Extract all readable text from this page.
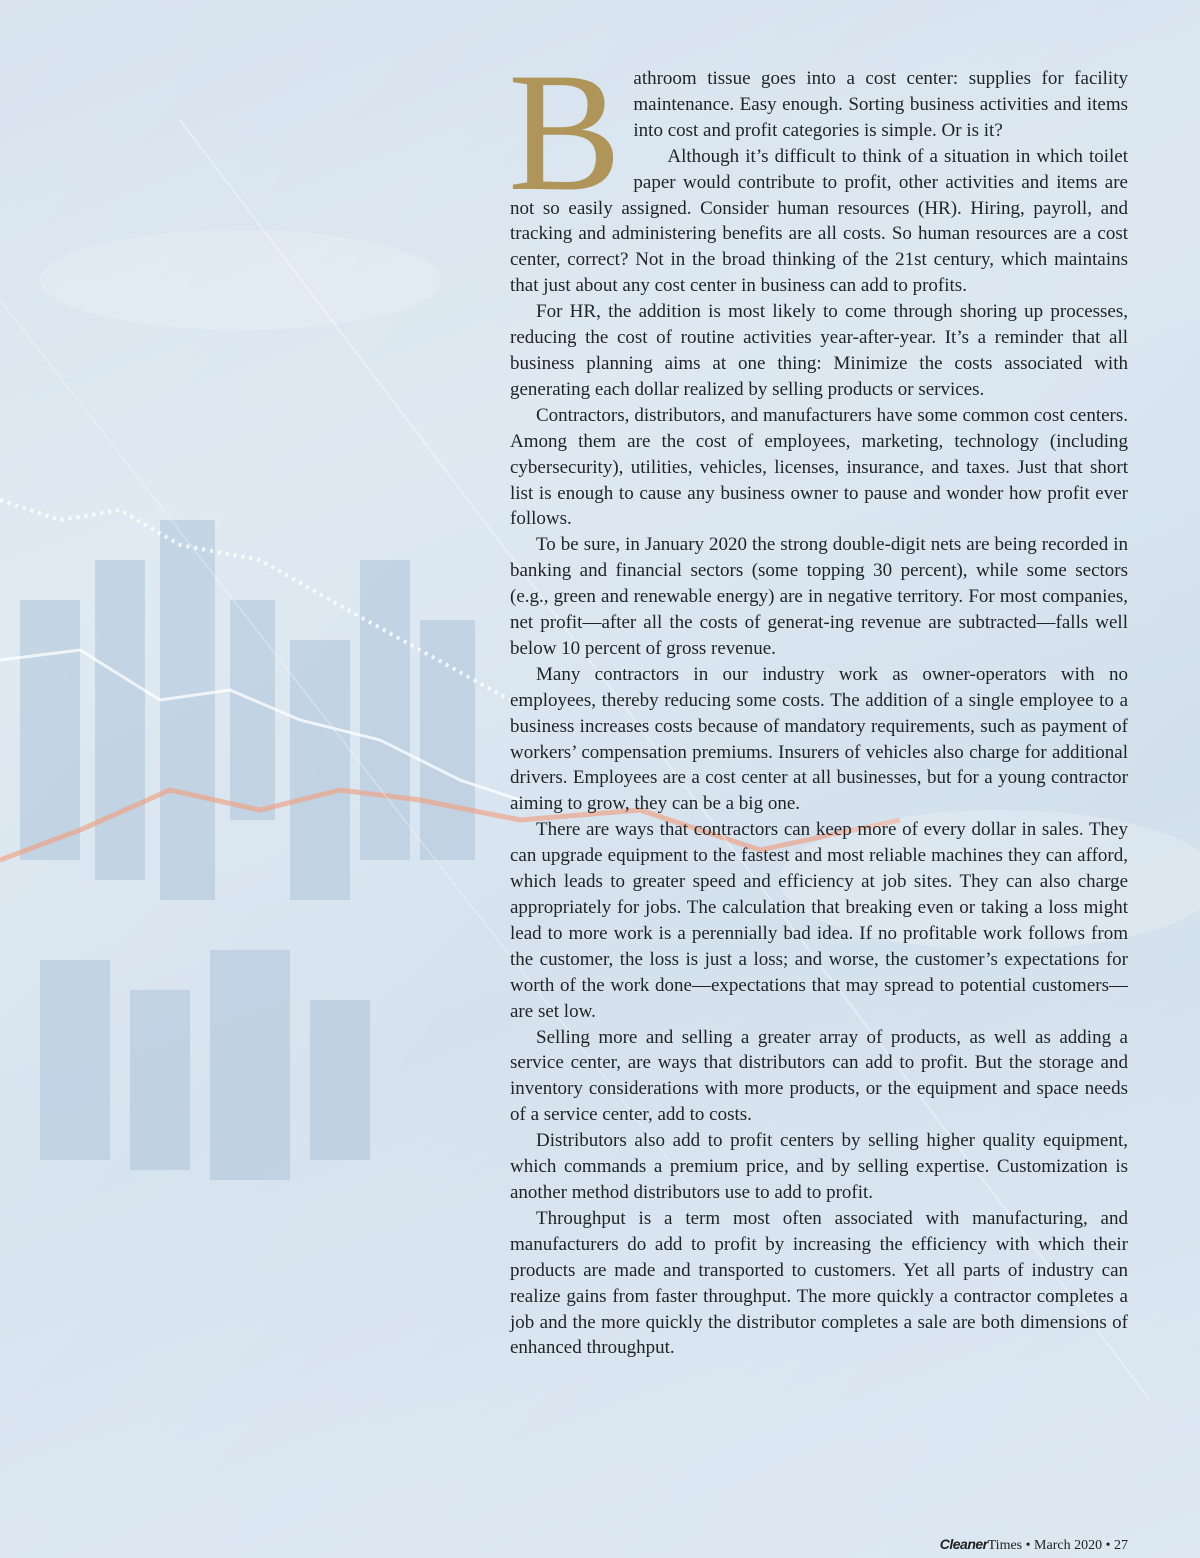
Bathroom tissue goes into a cost center: supplies for facility maintenance. Easy enough. Sorting business activities and items into cost and profit categories is simple. Or is it?

Although it’s difficult to think of a situation in which toilet paper would contribute to profit, other activities and items are not so easily assigned. Consider human resources (HR). Hiring, payroll, and tracking and administering benefits are all costs. So human resources are a cost center, correct? Not in the broad thinking of the 21st century, which maintains that just about any cost center in business can add to profits.

For HR, the addition is most likely to come through shoring up processes, reducing the cost of routine activities year-after-year. It’s a reminder that all business planning aims at one thing: Minimize the costs associated with generating each dollar realized by selling products or services.

Contractors, distributors, and manufacturers have some common cost centers. Among them are the cost of employees, marketing, technology (including cybersecurity), utilities, vehicles, licenses, insurance, and taxes. Just that short list is enough to cause any business owner to pause and wonder how profit ever follows.

To be sure, in January 2020 the strong double-digit nets are being recorded in banking and financial sectors (some topping 30 percent), while some sectors (e.g., green and renewable energy) are in negative territory. For most companies, net profit—after all the costs of generat-ing revenue are subtracted—falls well below 10 percent of gross revenue.

Many contractors in our industry work as owner-operators with no employees, thereby reducing some costs. The addition of a single employee to a business increases costs because of mandatory requirements, such as payment of workers’ compensation premiums. Insurers of vehicles also charge for additional drivers. Employees are a cost center at all businesses, but for a young contractor aiming to grow, they can be a big one.

There are ways that contractors can keep more of every dollar in sales. They can upgrade equipment to the fastest and most reliable machines they can afford, which leads to greater speed and efficiency at job sites. They can also charge appropriately for jobs. The calculation that breaking even or taking a loss might lead to more work is a perennially bad idea. If no profitable work follows from the customer, the loss is just a loss; and worse, the customer’s expectations for worth of the work done—expectations that may spread to potential customers—are set low.

Selling more and selling a greater array of products, as well as adding a service center, are ways that distributors can add to profit. But the storage and inventory considerations with more products, or the equipment and space needs of a service center, add to costs.

Distributors also add to profit centers by selling higher quality equipment, which commands a premium price, and by selling expertise. Customization is another method distributors use to add to profit.

Throughput is a term most often associated with manufacturing, and manufacturers do add to profit by increasing the efficiency with which their products are made and transported to customers. Yet all parts of industry can realize gains from faster throughput. The more quickly a contractor completes a job and the more quickly the distributor completes a sale are both dimensions of enhanced throughput.

CleanerTimes • March 2020 • 27
